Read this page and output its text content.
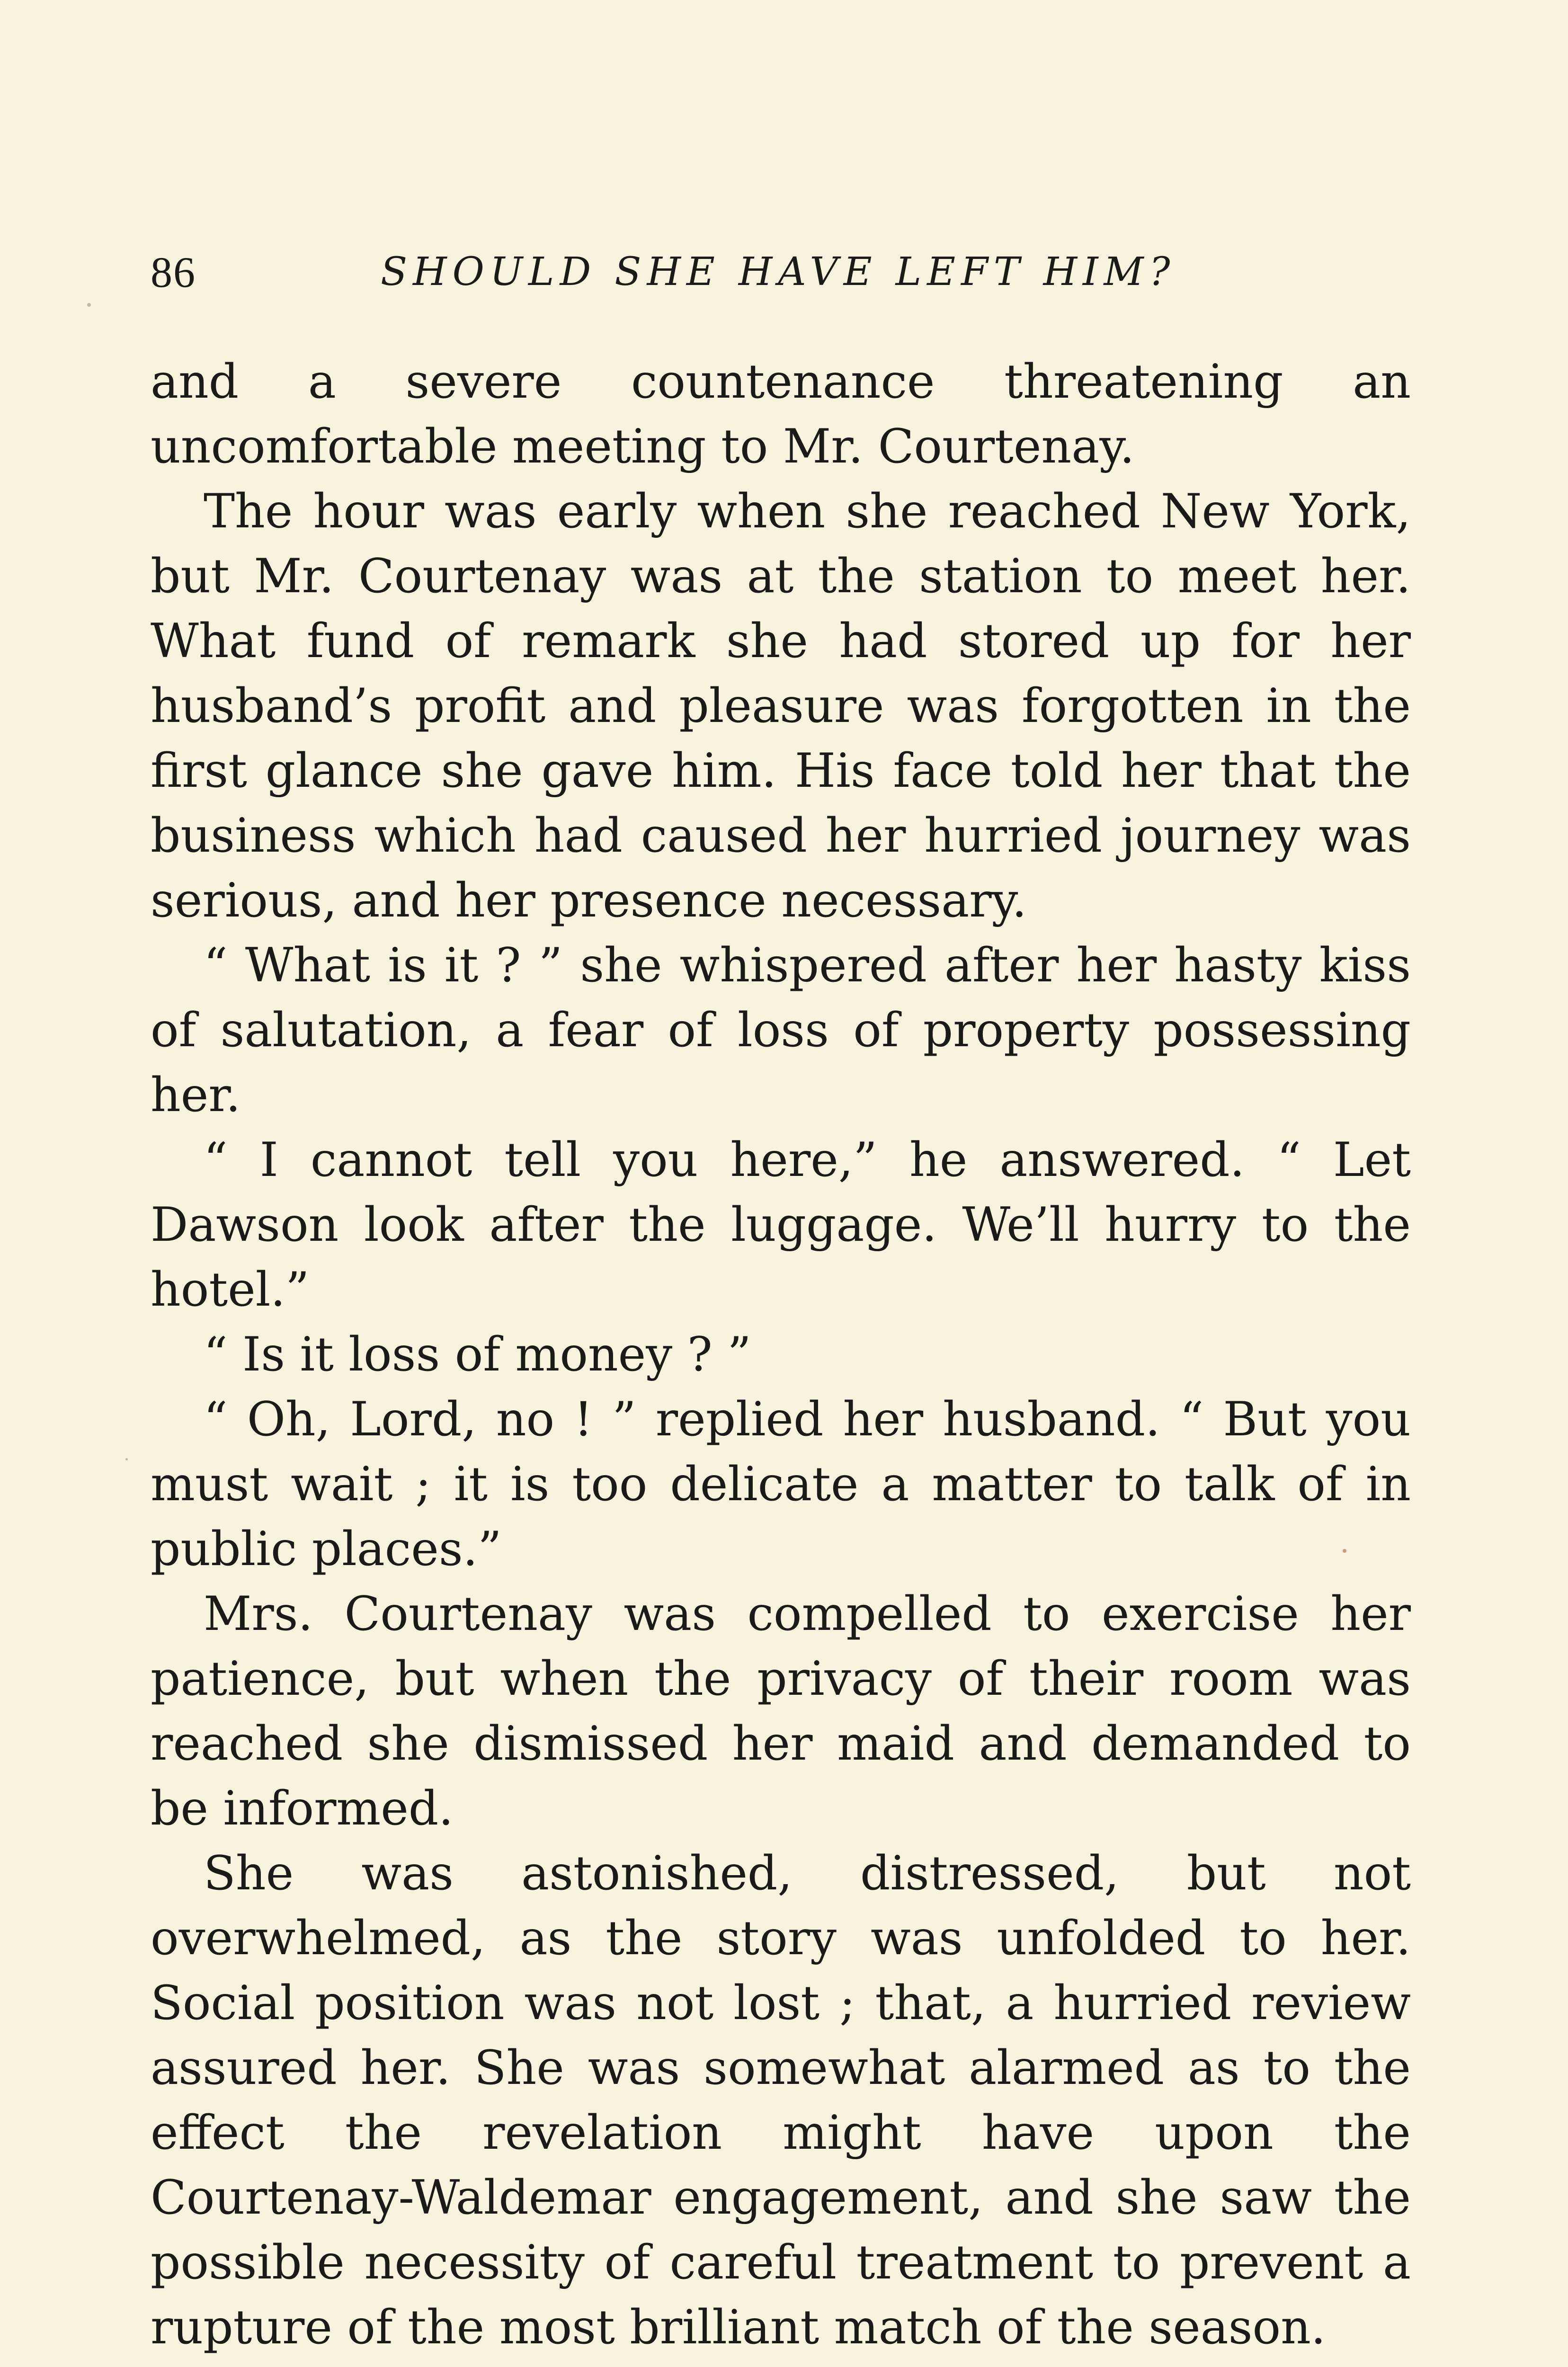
86	SHOULD SHE HAVE LEFT HIM?

and a severe countenance threatening an uncomfortable meeting to Mr. Courtenay.

The hour was early when she reached New York, but Mr. Courtenay was at the station to meet her. What fund of remark she had stored up for her husband’s profit and pleasure was forgotten in the first glance she gave him. His face told her that the business which had caused her hurried journey was serious, and her presence necessary.

“ What is it ? ” she whispered after her hasty kiss of salutation, a fear of loss of property possessing her.

“ I cannot tell you here,” he answered. “ Let Dawson look after the luggage. We’ll hurry to the hotel.”

“ Is it loss of money ? ”

“ Oh, Lord, no ! ” replied her husband. “ But you must wait ; it is too delicate a matter to talk of in public places.”

Mrs. Courtenay was compelled to exercise her patience, but when the privacy of their room was reached she dismissed her maid and demanded to be informed.

She was astonished, distressed, but not overwhelmed, as the story was unfolded to her. Social position was not lost ; that, a hurried review assured her. She was somewhat alarmed as to the effect the revelation might have upon the Courtenay-Waldemar engagement, and she saw the possible necessity of careful treatment to prevent a rupture of the most brilliant match of the season.
